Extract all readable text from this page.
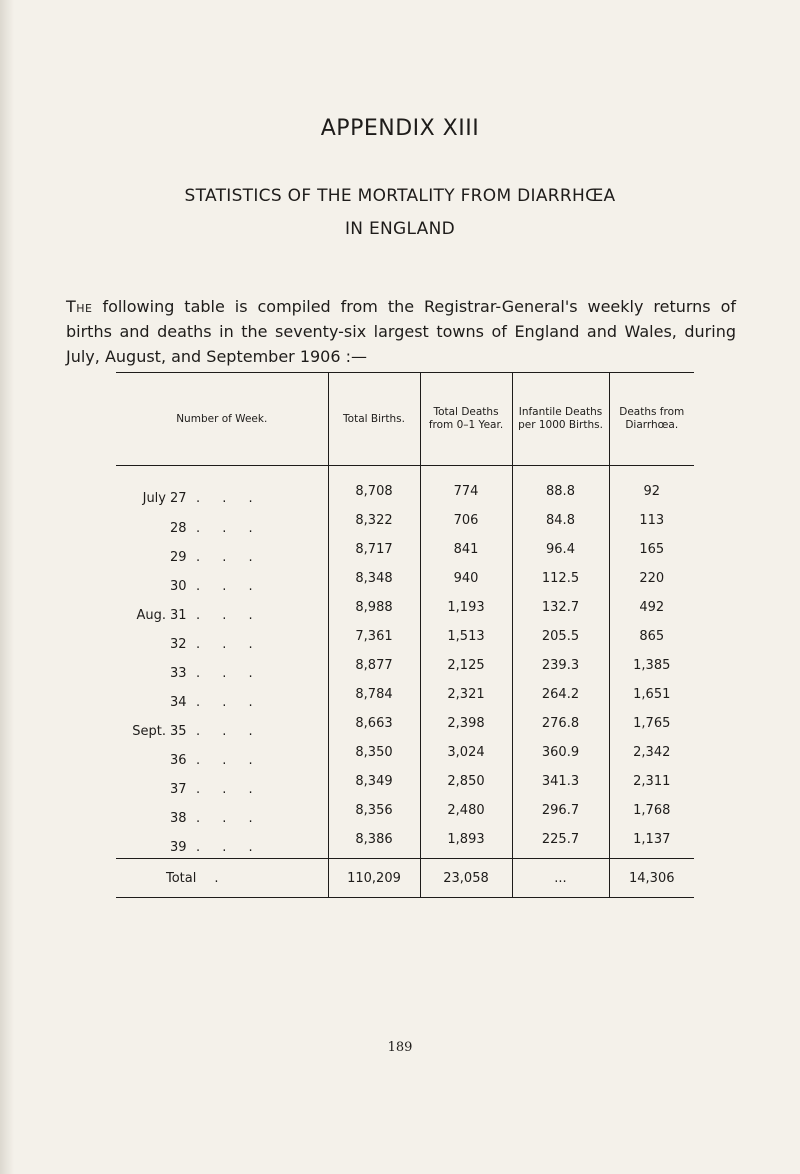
APPENDIX XIII
STATISTICS OF THE MORTALITY FROM DIARRHŒA
IN ENGLAND

The following table is compiled from the Registrar-General's weekly returns of births and deaths in the seventy-six largest towns of England and Wales, during July, August, and September 1906 :—

Number of Week.	Total Births.	Total Deaths from 0–1 Year.	Infantile Deaths per 1000 Births.	Deaths from Diarrhœa.

July 27 . . .	8,708	774	88.8	92

28 . . .	8,322	706	84.8	113

29 . . .	8,717	841	96.4	165

30 . . .	8,348	940	112.5	220

Aug. 31 . . .	8,988	1,193	132.7	492

32 . . .	7,361	1,513	205.5	865

33 . . .	8,877	2,125	239.3	1,385

34 . . .	8,784	2,321	264.2	1,651

Sept. 35 . . .	8,663	2,398	276.8	1,765

36 . . .	8,350	3,024	360.9	2,342

37 . . .	8,349	2,850	341.3	2,311

38 . . .	8,356	2,480	296.7	1,768

39 . . .	8,386	1,893	225.7	1,137
Total .	110,209	23,058	...	14,306
189
